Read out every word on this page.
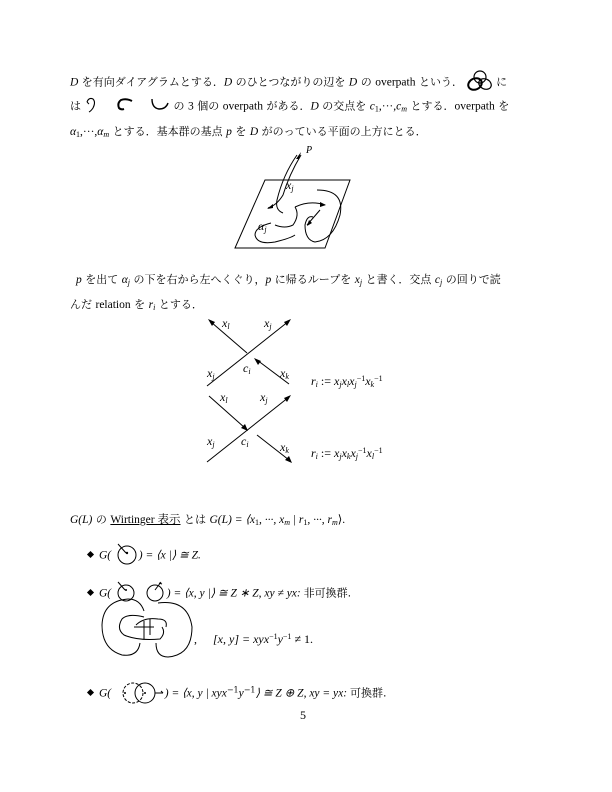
D を有向ダイアグラムとする．D のひとつながりの辺を D の overpath という．	に
は	の 3 個の overpath がある．D の交点を $c_1,\cdot\cdot\cdot,c_m$ とする．overpath を
$\alpha_1,\cdot\cdot\cdot,\alpha_m$ とする．基本群の基点 p を D がのっている平面の上方にとる．
P
$x_j$
$\alpha_j$
p を出て $\alpha_j$ の下を右から左へくぐり，p に帰るループを $x_j$ と書く．交点 $c_j$ の回りで読
んだ relation を $r_i$ とする．
$x_l$	$x_j$
$x_j$
$c_i$ $x_k$ $r_i$ := $x_jx_lx_j^{-1}x_k^{-1}$
$x_l$	$x_j$
$x_j$ $c_i$	$x_k$ $r_i$ := $x_jx_kx_j^{-1}x_l^{-1}$
G(L) の Wirtinger 表示 とは $G(L) = ⟨x_1$, ···, $x_m$ | $r_1$, ···, $r_m⟩$.
G( ) = ⟨x |⟩ ≅ Z.
G(	) = ⟨x, y |⟩ ≅ Z ∗ Z, xy ≠ yx: 非可換群.
, [x, $y] = xyx^{-1}y^{-1} \ne 1$.
G(	) = ⟨x, y | $xyx^{-1}y^{-1}⟩$ ≅ Z ⊕ Z, xy = yx: 可換群.
5
